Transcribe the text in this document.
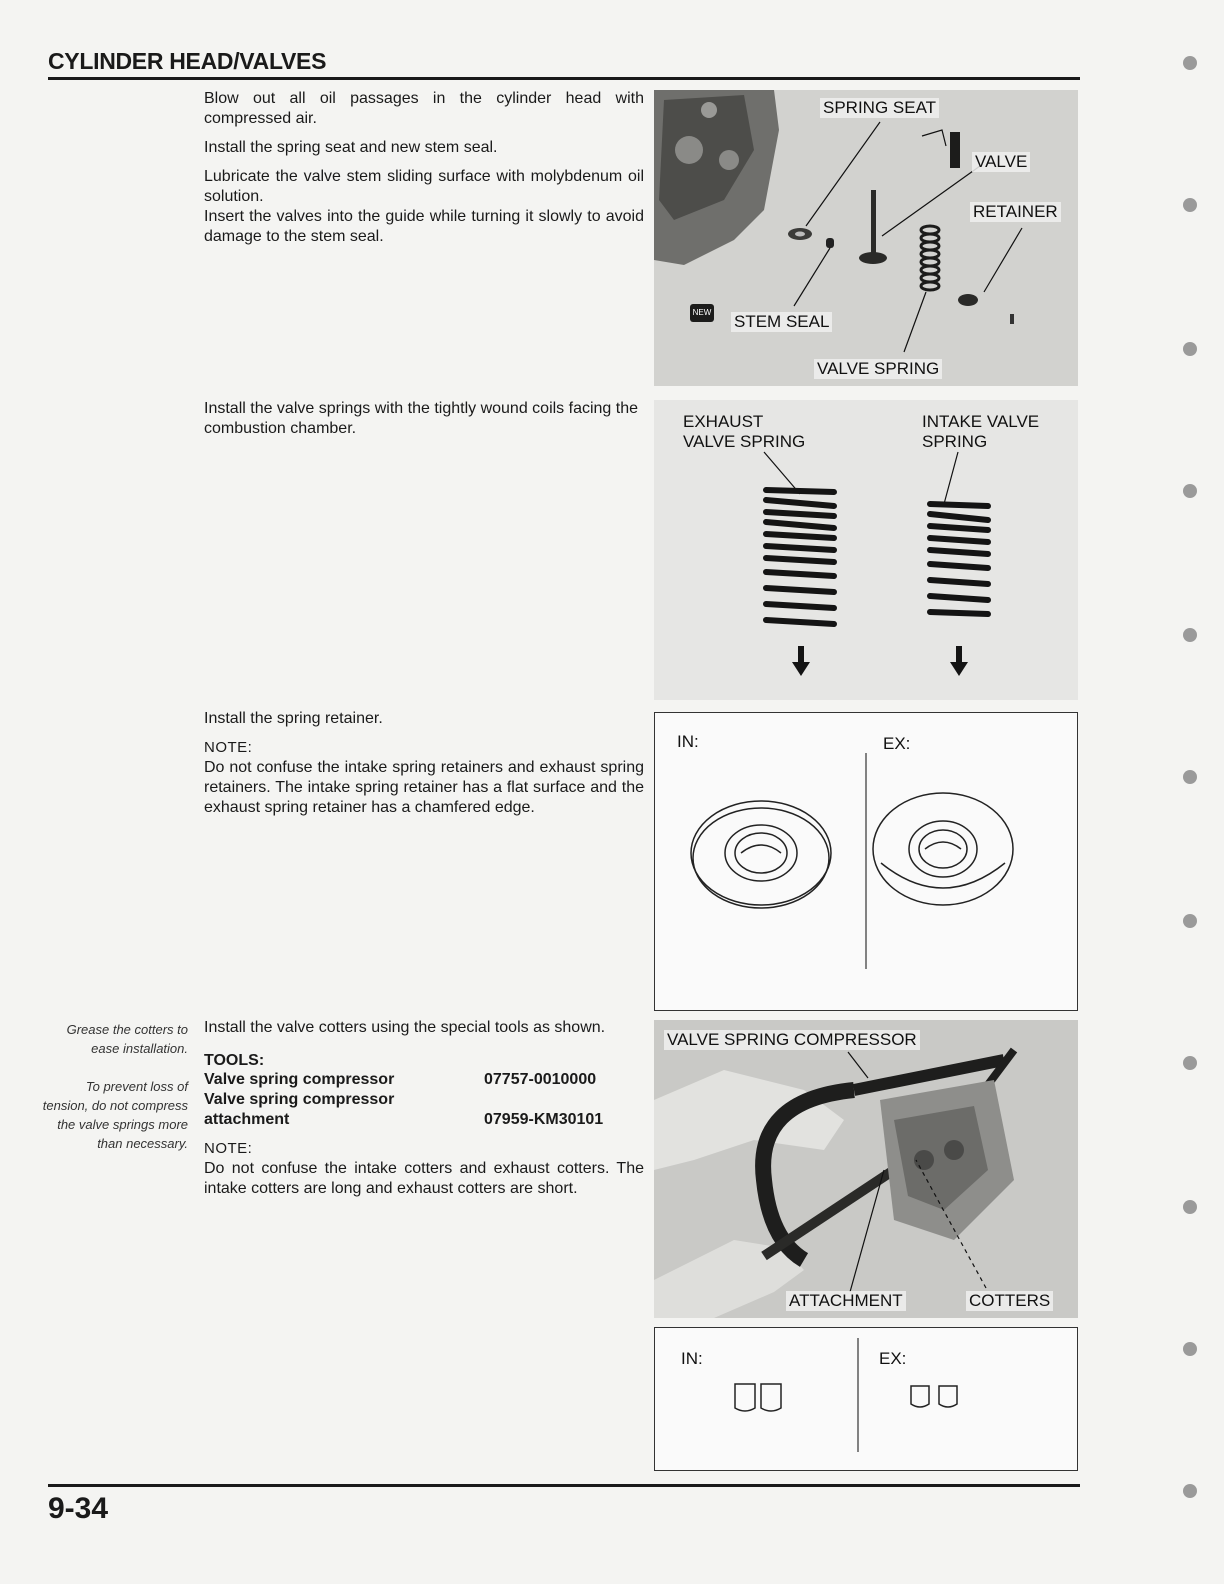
CYLINDER HEAD/VALVES

Blow out all oil passages in the cylinder head with compressed air.

Install the spring seat and new stem seal.

Lubricate the valve stem sliding surface with molybdenum oil solution.

Insert the valves into the guide while turning it slowly to avoid damage to the stem seal.

Install the valve springs with the tightly wound coils facing the combustion chamber.

Install the spring retainer.

NOTE:

Do not confuse the intake spring retainers and exhaust spring retainers. The intake spring retainer has a flat surface and the exhaust spring retainer has a chamfered edge.

Grease the cotters to ease installation.
To prevent loss of tension, do not compress the valve springs more than necessary.

Install the valve cotters using the special tools as shown.

TOOLS:
Valve spring compressor	07757-0010000
Valve spring compressor
attachment	07959-KM30101
NOTE:

Do not confuse the intake cotters and exhaust cotters. The intake cotters are long and exhaust cotters are short.

SPRING SEAT
VALVE
RETAINER
NEW STEM SEAL
VALVE SPRING
EXHAUST
VALVE SPRING
INTAKE VALVE
SPRING
IN:	EX:
VALVE SPRING COMPRESSOR
ATTACHMENT	COTTERS
IN:	EX:
9-34
